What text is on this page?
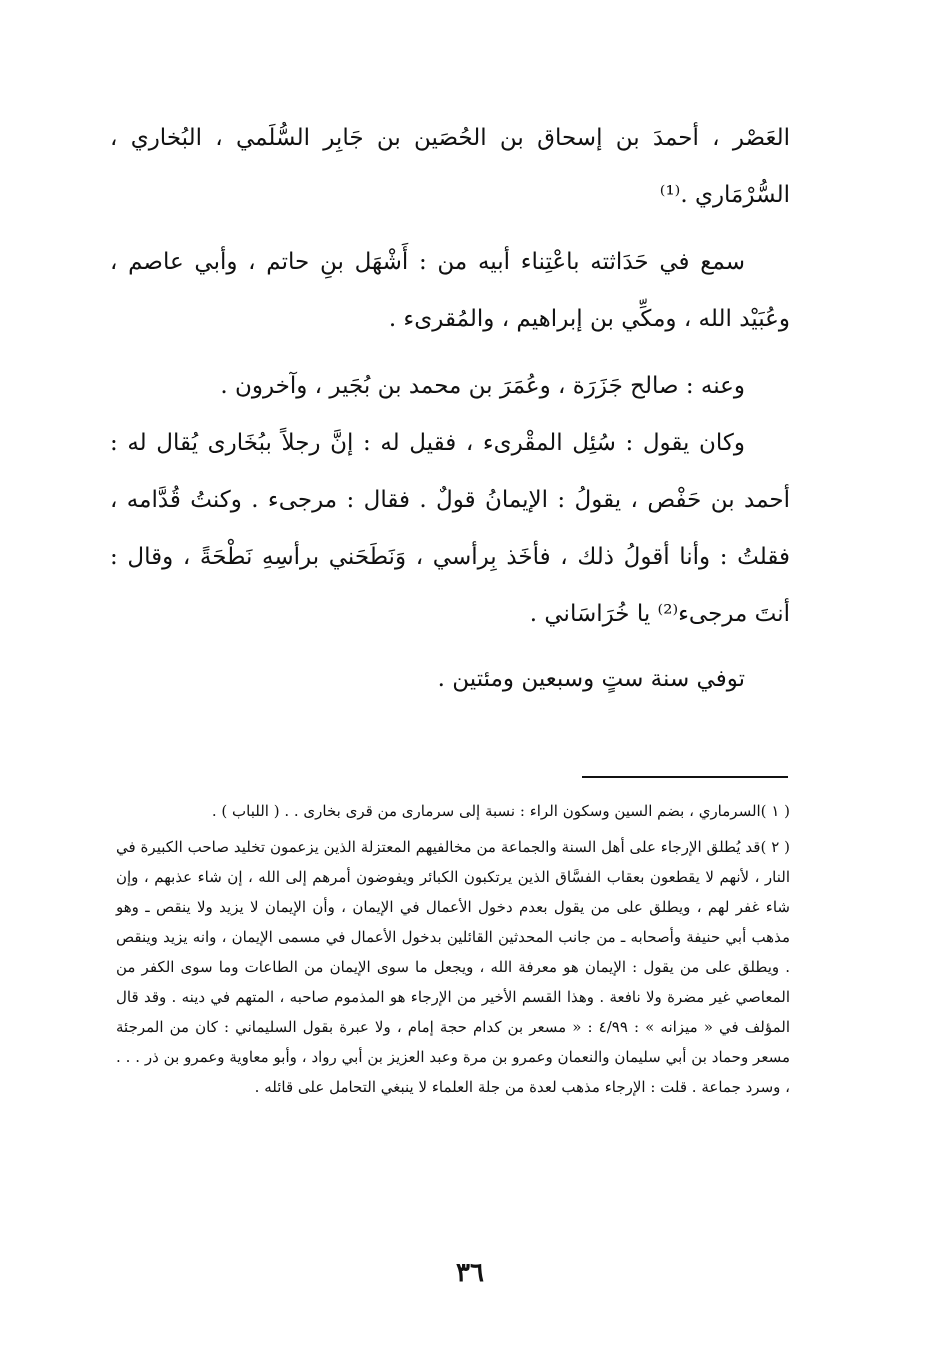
العَصْر ، أحمدَ بن إسحاق بن الحُصَين بن جَابِر السُّلَمي ، البُخاري ، السُّرْمَاري .⁽¹⁾

سمع في حَدَاثته باعْتِناء أبيه من : أَشْهَل بنِ حاتم ، وأبي عاصم ، وعُبَيْد الله ، ومكِّي بن إبراهيم ، والمُقرىء .

وعنه : صالح جَزَرَة ، وعُمَرَ بن محمد بن بُجَير ، وآخرون .

وكان يقول : سُئِل المقْرىء ، فقيل له : إنَّ رجلاً ببُخَارى يُقال له : أحمد بن حَفْص ، يقولُ : الإيمانُ قولٌ . فقال : مرجىء . وكنتُ قُدَّامه ، فقلتُ : وأنا أقولُ ذلك ، فأخَذ بِرأسي ، وَنَطَحَني برأسِهِ نَطْحَةً ، وقال : أنتَ مرجىء⁽²⁾ يا خُرَاسَاني .

توفي سنة ستٍ وسبعين ومئتين .

( ١ )السرماري ، بضم السين وسكون الراء : نسبة إلى سرمارى من قرى بخارى . . ( اللباب ) .

( ٢ )قد يُطلق الإرجاء على أهل السنة والجماعة من مخالفيهم المعتزلة الذين يزعمون تخليد صاحب الكبيرة في النار ، لأنهم لا يقطعون بعقاب الفسَّاق الذين يرتكبون الكبائر ويفوضون أمرهم إلى الله ، إن شاء عذبهم ، وإن شاء غفر لهم ، ويطلق على من يقول بعدم دخول الأعمال في الإيمان ، وأن الإيمان لا يزيد ولا ينقص ـ وهو مذهب أبي حنيفة وأصحابه ـ من جانب المحدثين القائلين بدخول الأعمال في مسمى الإيمان ، وانه يزيد وينقص . ويطلق على من يقول : الإيمان هو معرفة الله ، ويجعل ما سوى الإيمان من الطاعات وما سوى الكفر من المعاصي غير مضرة ولا نافعة . وهذا القسم الأخير من الإرجاء هو المذموم صاحبه ، المتهم في دينه . وقد قال المؤلف في « ميزانه » : ٤/٩٩ : « مسعر بن كدام حجة إمام ، ولا عبرة بقول السليماني : كان من المرجئة مسعر وحماد بن أبي سليمان والنعمان وعمرو بن مرة وعبد العزيز بن أبي رواد ، وأبو معاوية وعمرو بن ذر . . . ، وسرد جماعة . قلت : الإرجاء مذهب لعدة من جلة العلماء لا ينبغي التحامل على قائله .

٣٦
